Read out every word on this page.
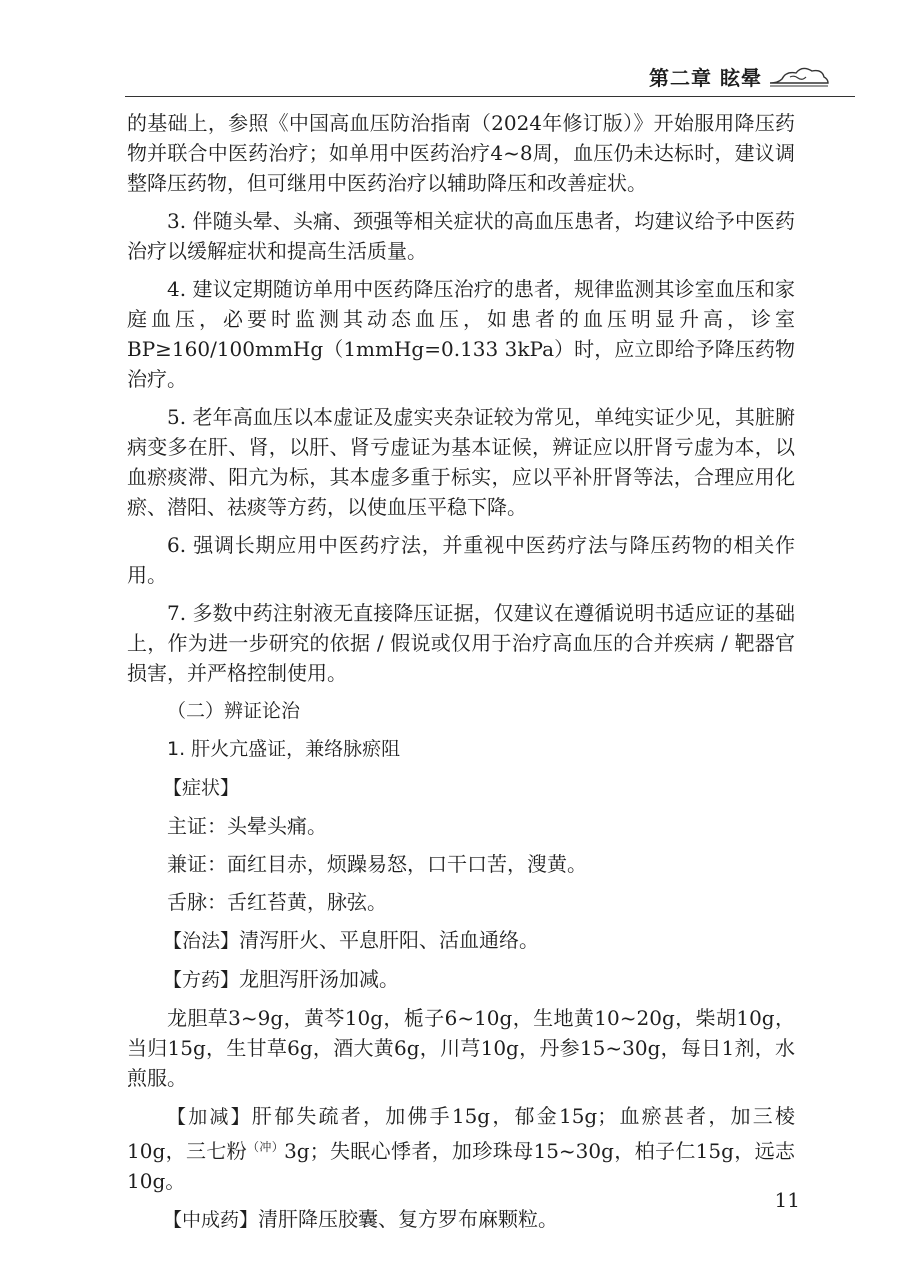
第二章 眩晕

的基础上，参照《中国高血压防治指南（2024年修订版）》开始服用降压药物并联合中医药治疗；如单用中医药治疗4~8周，血压仍未达标时，建议调整降压药物，但可继用中医药治疗以辅助降压和改善症状。

3. 伴随头晕、头痛、颈强等相关症状的高血压患者，均建议给予中医药治疗以缓解症状和提高生活质量。

4. 建议定期随访单用中医药降压治疗的患者，规律监测其诊室血压和家庭血压，必要时监测其动态血压，如患者的血压明显升高，诊室BP≥160/100mmHg（1mmHg=0.133 3kPa）时，应立即给予降压药物治疗。

5. 老年高血压以本虚证及虚实夹杂证较为常见，单纯实证少见，其脏腑病变多在肝、肾，以肝、肾亏虚证为基本证候，辨证应以肝肾亏虚为本，以血瘀痰滞、阳亢为标，其本虚多重于标实，应以平补肝肾等法，合理应用化瘀、潜阳、祛痰等方药，以使血压平稳下降。

6. 强调长期应用中医药疗法，并重视中医药疗法与降压药物的相关作用。

7. 多数中药注射液无直接降压证据，仅建议在遵循说明书适应证的基础上，作为进一步研究的依据 / 假说或仅用于治疗高血压的合并疾病 / 靶器官损害，并严格控制使用。

（二）辨证论治

1. 肝火亢盛证，兼络脉瘀阻

【症状】

主证：头晕头痛。

兼证：面红目赤，烦躁易怒，口干口苦，溲黄。

舌脉：舌红苔黄，脉弦。

【治法】清泻肝火、平息肝阳、活血通络。

【方药】龙胆泻肝汤加减。

龙胆草3~9g，黄芩10g，栀子6~10g，生地黄10~20g，柴胡10g，当归15g，生甘草6g，酒大黄6g，川芎10g，丹参15~30g，每日1剂，水煎服。

【加减】肝郁失疏者，加佛手15g，郁金15g；血瘀甚者，加三棱10g，三七粉$^{(冲)}$3g；失眠心悸者，加珍珠母15~30g，柏子仁15g，远志10g。

【中成药】清肝降压胶囊、复方罗布麻颗粒。

11
